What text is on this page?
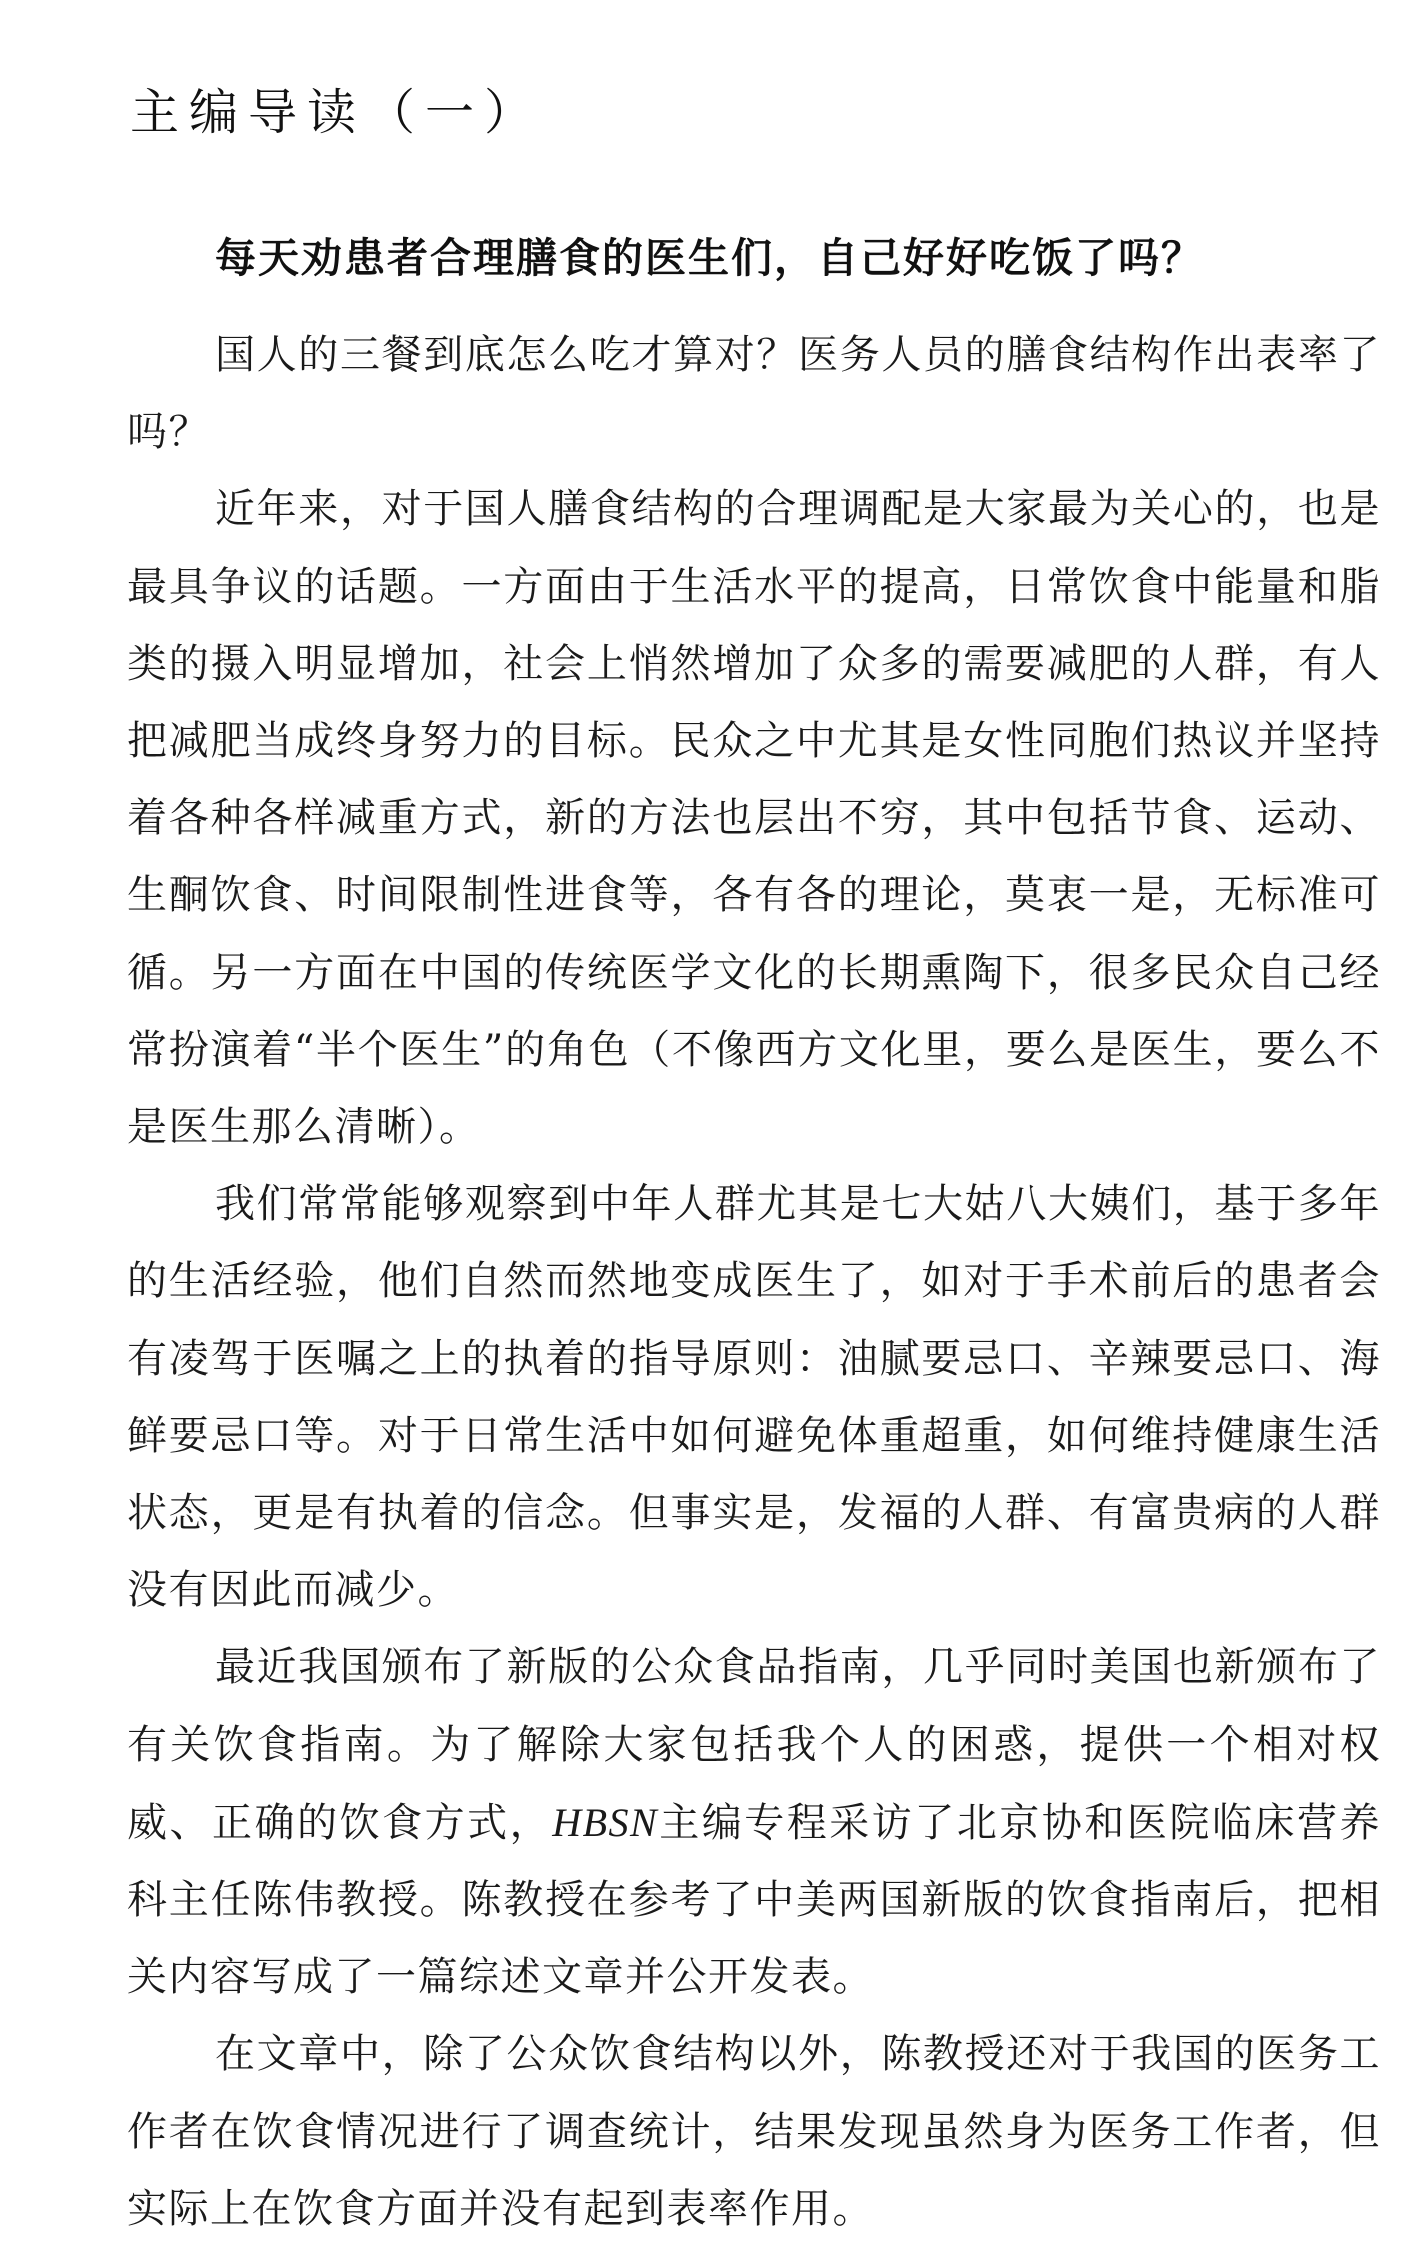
主编导读（一）
每天劝患者合理膳食的医生们，自己好好吃饭了吗？

国人的三餐到底怎么吃才算对？医务人员的膳食结构作出表率了吗？

近年来，对于国人膳食结构的合理调配是大家最为关心的，也是最具争议的话题。一方面由于生活水平的提高，日常饮食中能量和脂类的摄入明显增加，社会上悄然增加了众多的需要减肥的人群，有人把减肥当成终身努力的目标。民众之中尤其是女性同胞们热议并坚持着各种各样减重方式，新的方法也层出不穷，其中包括节食、运动、生酮饮食、时间限制性进食等，各有各的理论，莫衷一是，无标准可循。另一方面在中国的传统医学文化的长期熏陶下，很多民众自己经常扮演着“半个医生”的角色（不像西方文化里，要么是医生，要么不是医生那么清晰）。

我们常常能够观察到中年人群尤其是七大姑八大姨们，基于多年的生活经验，他们自然而然地变成医生了，如对于手术前后的患者会有凌驾于医嘱之上的执着的指导原则：油腻要忌口、辛辣要忌口、海鲜要忌口等。对于日常生活中如何避免体重超重，如何维持健康生活状态，更是有执着的信念。但事实是，发福的人群、有富贵病的人群没有因此而减少。

最近我国颁布了新版的公众食品指南，几乎同时美国也新颁布了有关饮食指南。为了解除大家包括我个人的困惑，提供一个相对权威、正确的饮食方式，HBSN主编专程采访了北京协和医院临床营养科主任陈伟教授。陈教授在参考了中美两国新版的饮食指南后，把相关内容写成了一篇综述文章并公开发表。

在文章中，除了公众饮食结构以外，陈教授还对于我国的医务工作者在饮食情况进行了调查统计，结果发现虽然身为医务工作者，但实际上在饮食方面并没有起到表率作用。
